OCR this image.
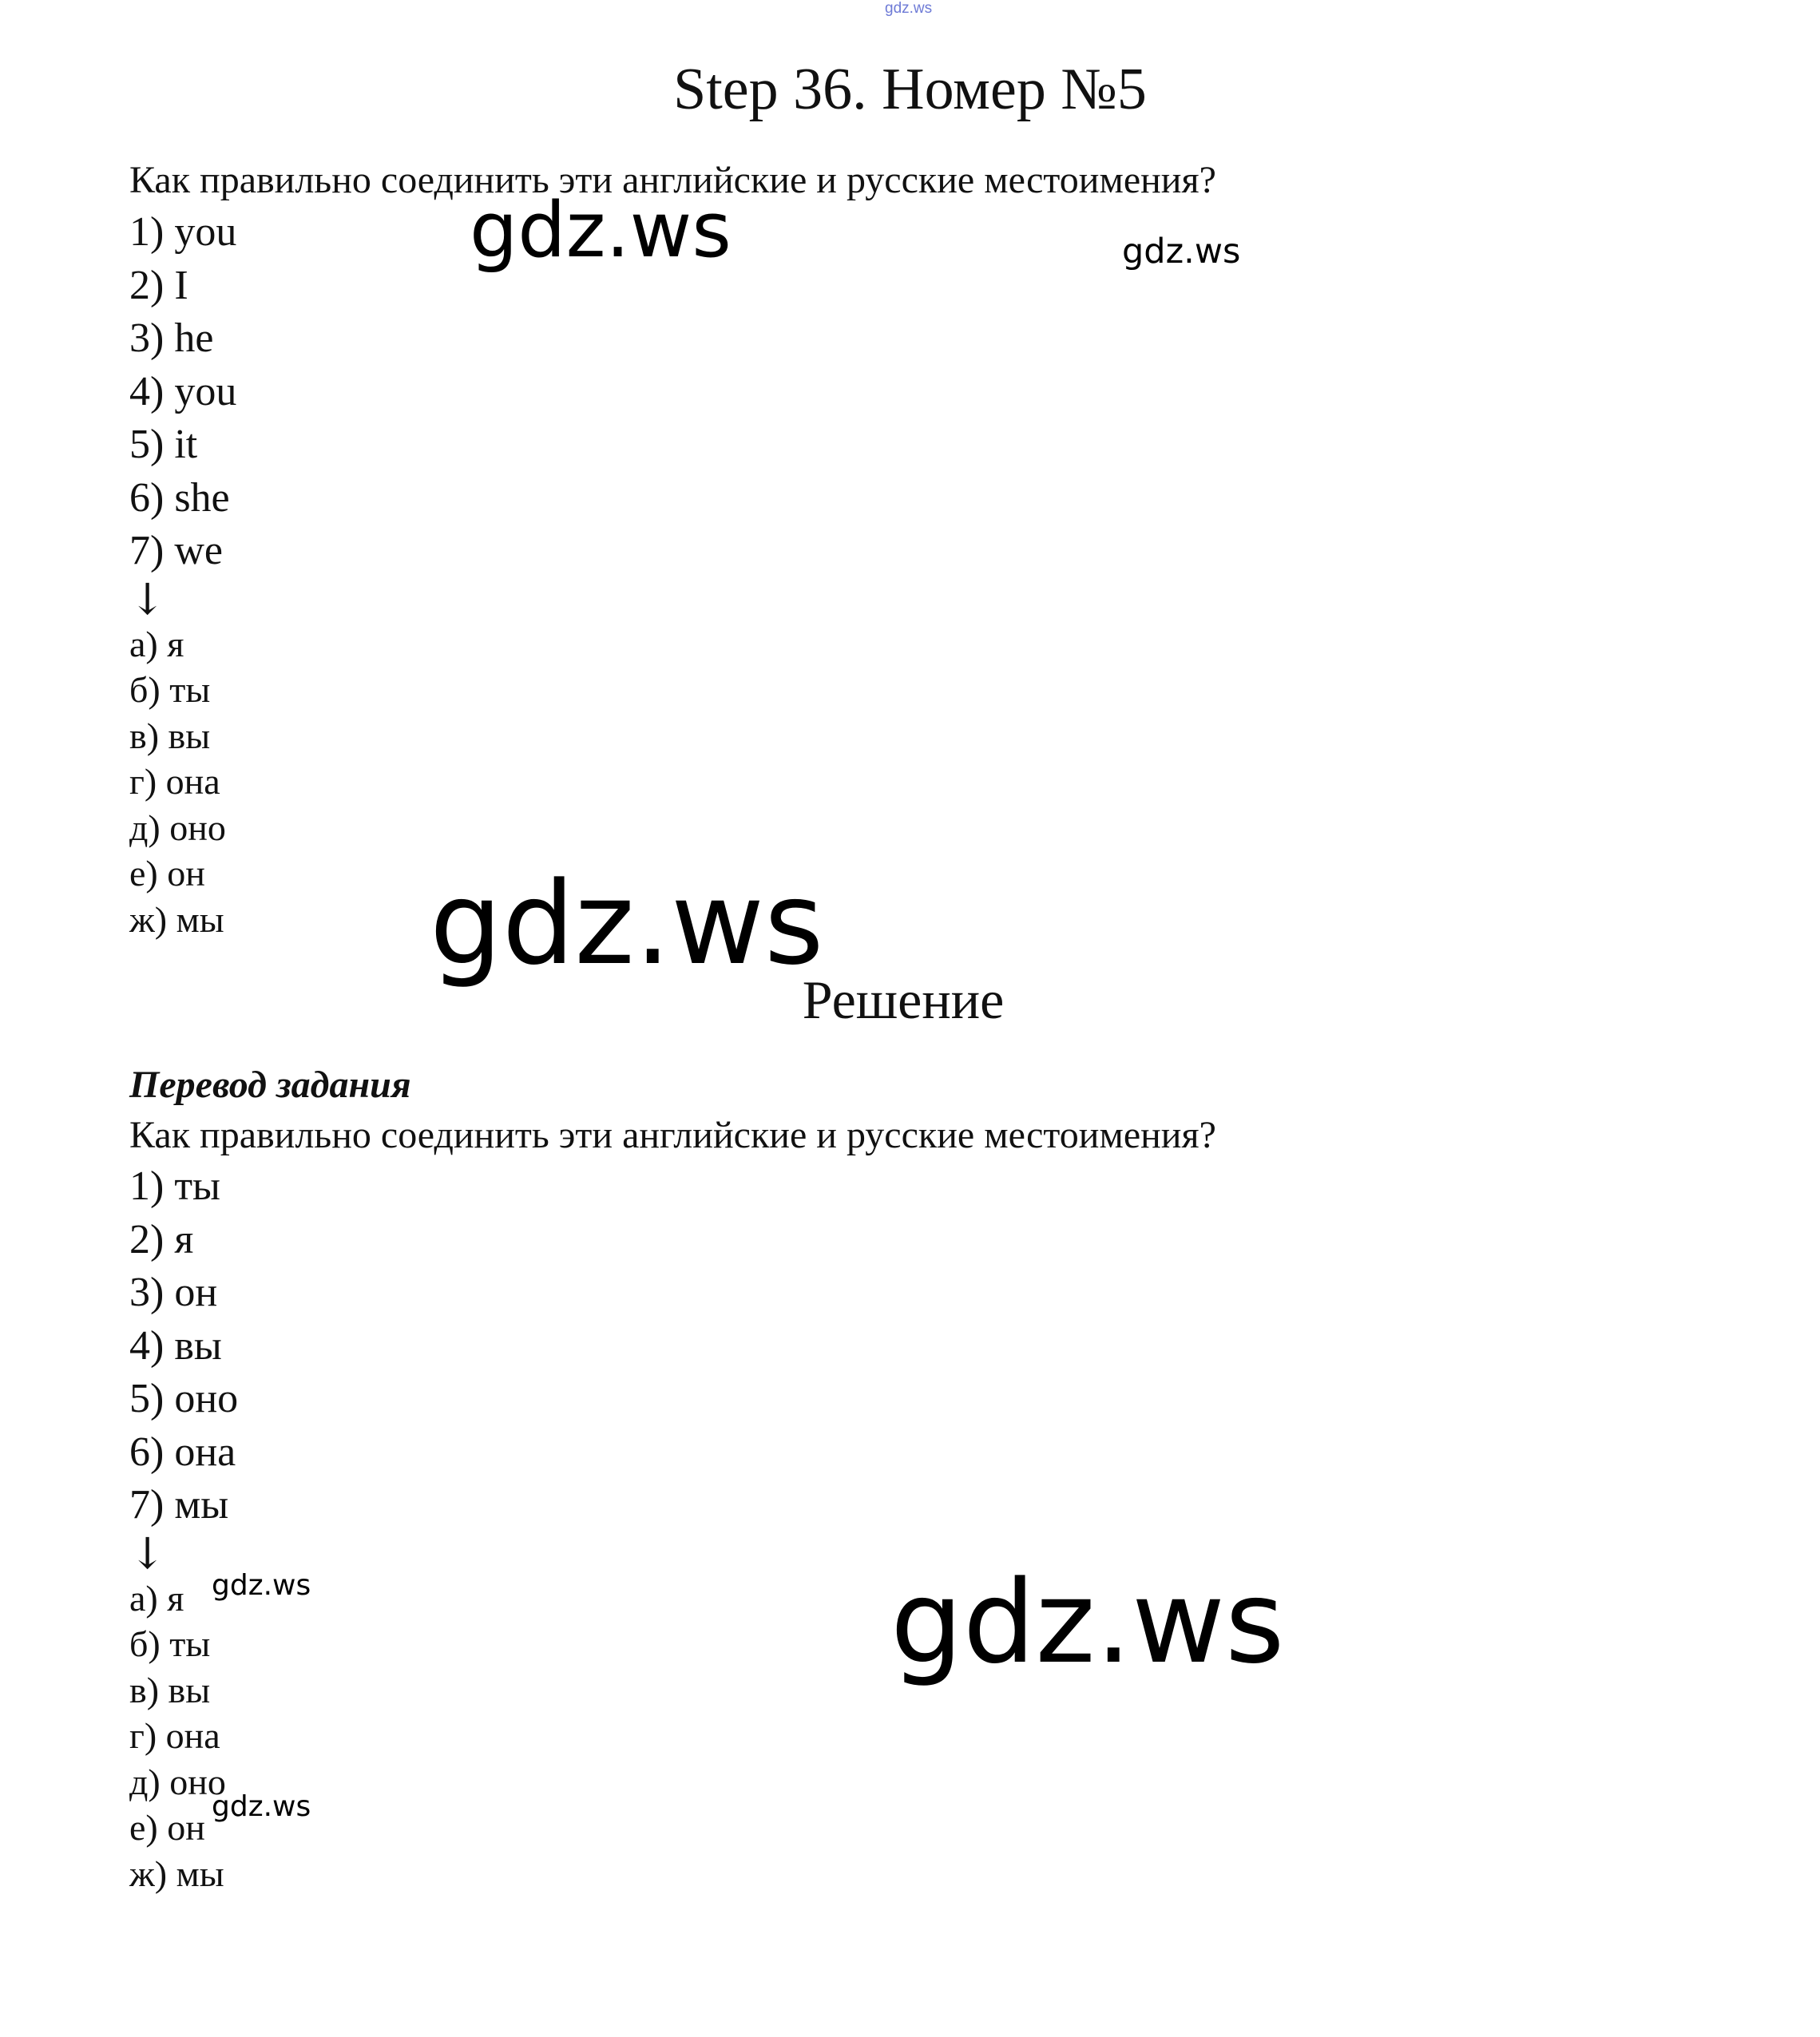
gdz.ws
Step 36. Номер №5
Как правильно соединить эти английские и русские местоимения?
1) you
2) I
3) he
4) you
5) it
6) she
7) we
↓
а) я
б) ты
в) вы
г) она
д) оно
е) он
ж) мы
Решение
Перевод задания
Как правильно соединить эти английские и русские местоимения?
1) ты
2) я
3) он
4) вы
5) оно
6) она
7) мы
↓
а) я
б) ты
в) вы
г) она
д) оно
е) он
ж) мы
gdz.ws	gdz.ws
gdz.ws
gdz.ws
gdz.ws
gdz.ws
